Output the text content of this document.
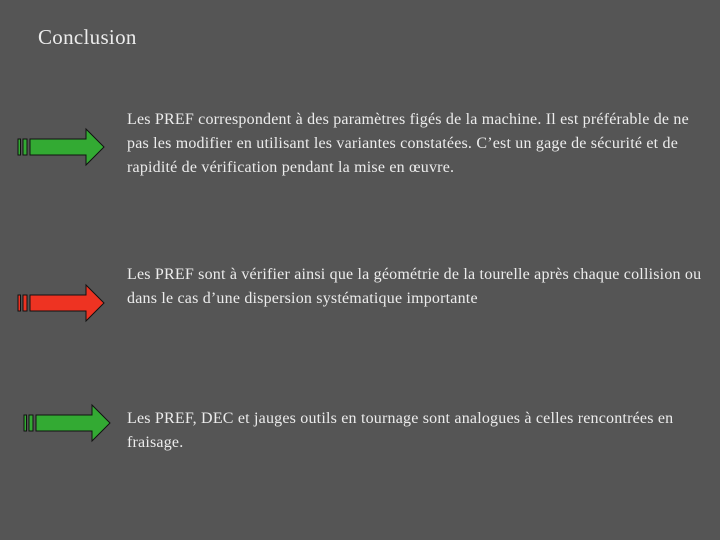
Conclusion
Les PREF correspondent à des paramètres figés de la machine. Il est préférable de ne pas les modifier en utilisant les variantes constatées. C’est un gage de sécurité et de rapidité de vérification pendant la mise en œuvre.
Les PREF sont à vérifier ainsi que la géométrie de la tourelle après chaque collision ou dans le cas d’une dispersion systématique importante
Les PREF, DEC et jauges outils en tournage sont analogues à celles rencontrées en fraisage.
